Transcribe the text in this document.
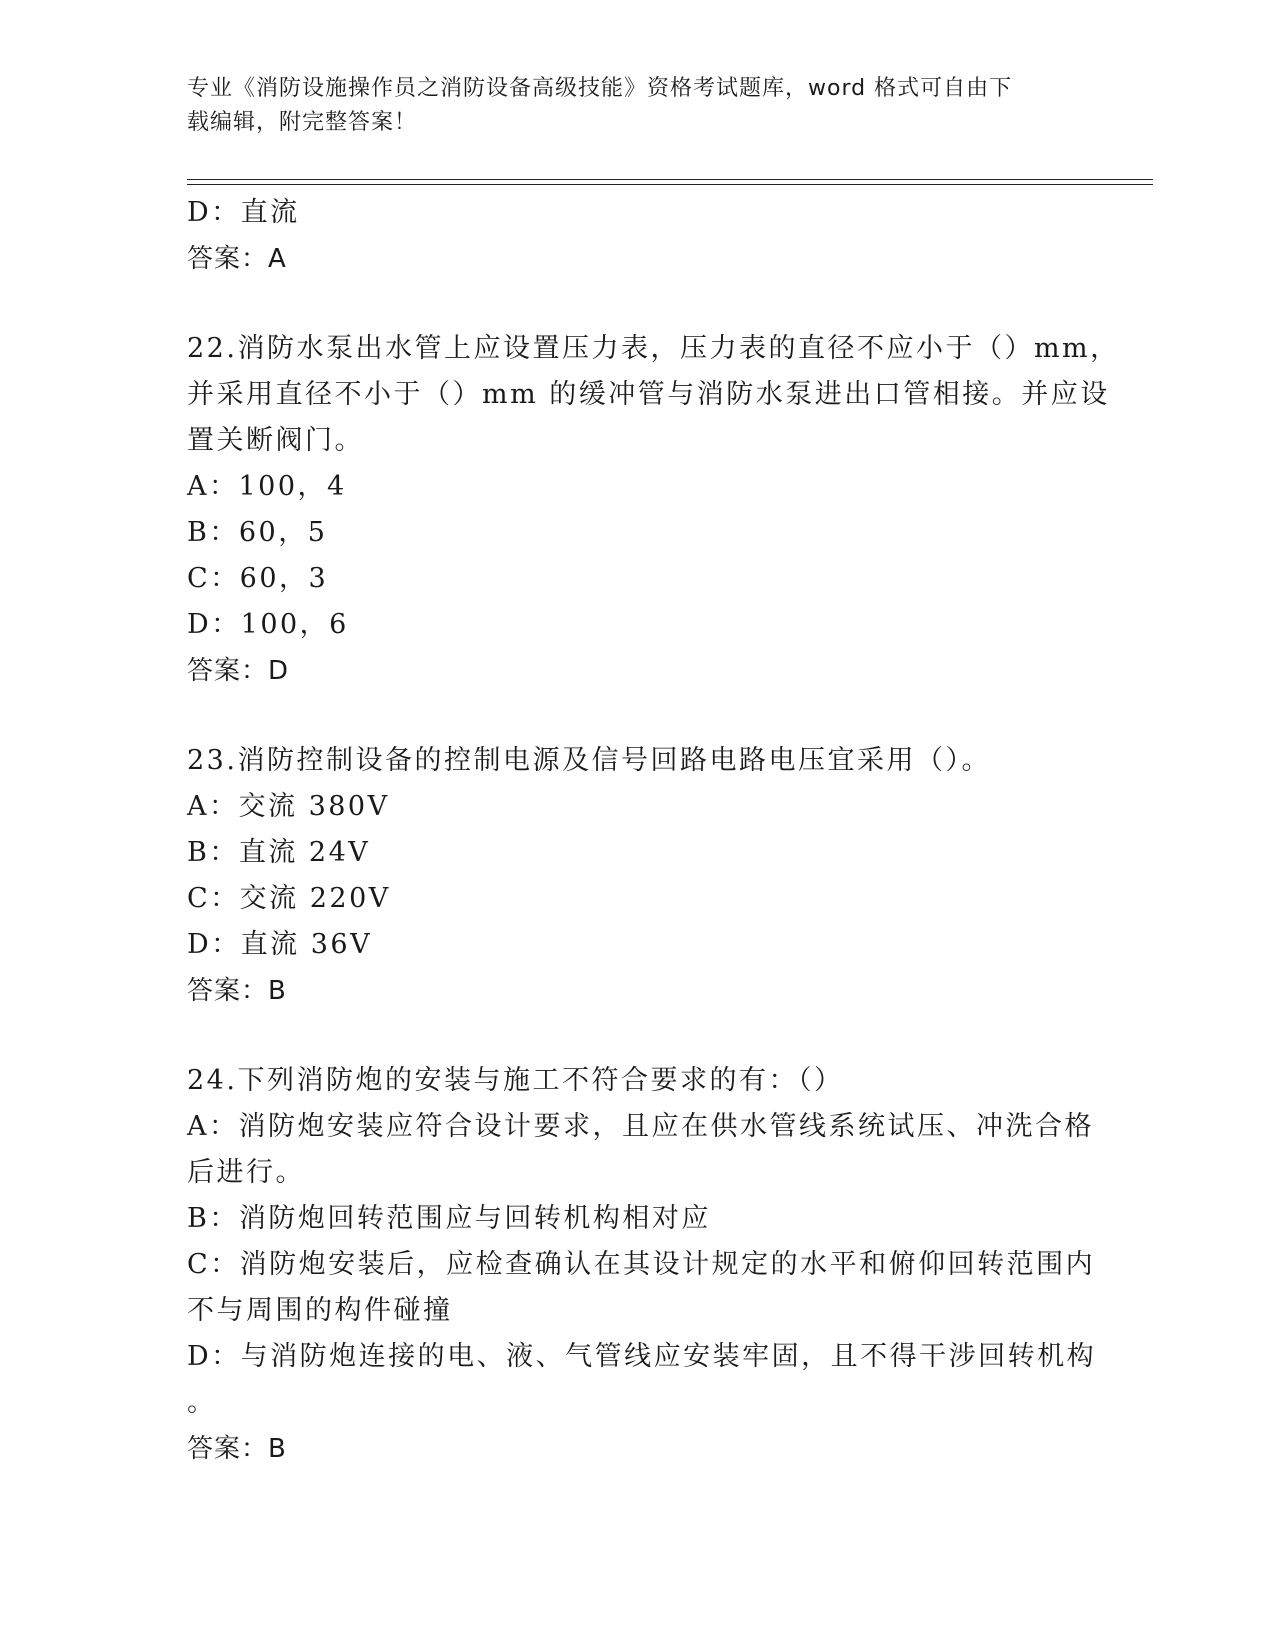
专业《消防设施操作员之消防设备高级技能》资格考试题库，word 格式可自由下
载编辑，附完整答案！
D：直流
答案：A
22.消防水泵出水管上应设置压力表，压力表的直径不应小于（）mm，
并采用直径不小于（）mm 的缓冲管与消防水泵进出口管相接。并应设
置关断阀门。
A：100，4
B：60，5
C：60，3
D：100，6
答案：D
23.消防控制设备的控制电源及信号回路电路电压宜采用（）。
A：交流 380V
B：直流 24V
C：交流 220V
D：直流 36V
答案：B
24.下列消防炮的安装与施工不符合要求的有：（）
A：消防炮安装应符合设计要求，且应在供水管线系统试压、冲洗合格
后进行。
B：消防炮回转范围应与回转机构相对应
C：消防炮安装后，应检查确认在其设计规定的水平和俯仰回转范围内
不与周围的构件碰撞
D：与消防炮连接的电、液、气管线应安装牢固，且不得干涉回转机构
。
答案：B
